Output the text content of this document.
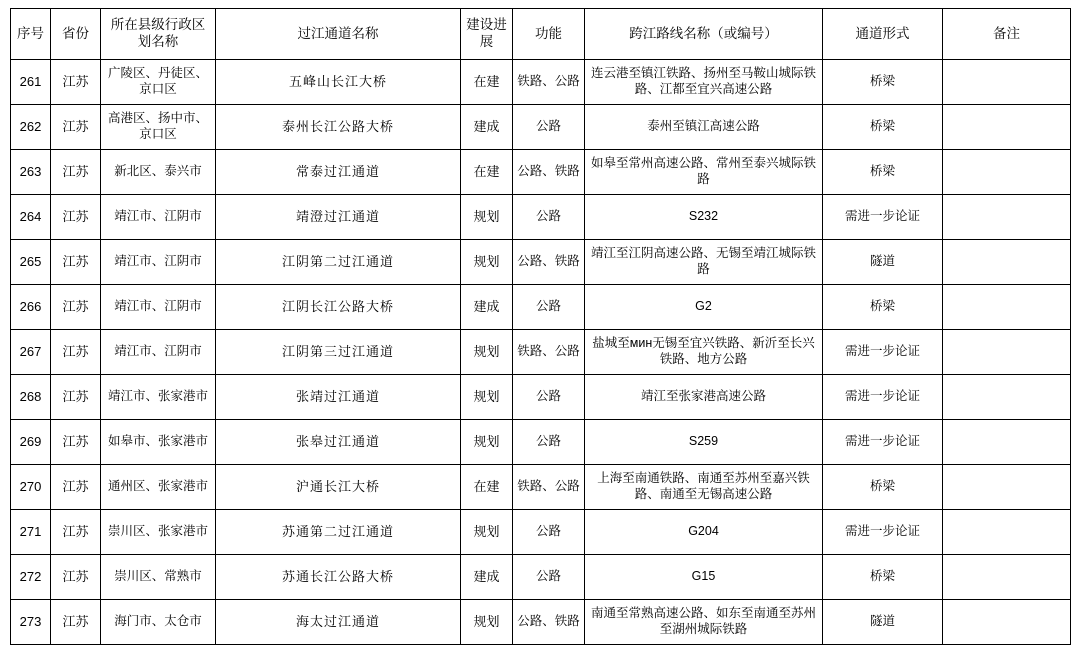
序号	省份	所在县级行政区划名称	过江通道名称	建设进展	功能	跨江路线名称（或编号）	通道形式	备注
261	江苏	广陵区、丹徒区、京口区	五峰山长江大桥	在建	铁路、公路	连云港至镇江铁路、扬州至马鞍山城际铁路、江都至宜兴高速公路	桥梁	
262	江苏	高港区、扬中市、京口区	泰州长江公路大桥	建成	公路	泰州至镇江高速公路	桥梁	
263	江苏	新北区、泰兴市	常泰过江通道	在建	公路、铁路	如皋至常州高速公路、常州至泰兴城际铁路	桥梁	
264	江苏	靖江市、江阴市	靖澄过江通道	规划	公路	S232	需进一步论证	
265	江苏	靖江市、江阴市	江阴第二过江通道	规划	公路、铁路	靖江至江阴高速公路、无锡至靖江城际铁路	隧道	
266	江苏	靖江市、江阴市	江阴长江公路大桥	建成	公路	G2	桥梁	
267	江苏	靖江市、江阴市	江阴第三过江通道	规划	铁路、公路	盐城至мин无锡至宜兴铁路、新沂至长兴铁路、地方公路	需进一步论证	
268	江苏	靖江市、张家港市	张靖过江通道	规划	公路	靖江至张家港高速公路	需进一步论证	
269	江苏	如皋市、张家港市	张皋过江通道	规划	公路	S259	需进一步论证	
270	江苏	通州区、张家港市	沪通长江大桥	在建	铁路、公路	上海至南通铁路、南通至苏州至嘉兴铁路、南通至无锡高速公路	桥梁	
271	江苏	崇川区、张家港市	苏通第二过江通道	规划	公路	G204	需进一步论证	
272	江苏	崇川区、常熟市	苏通长江公路大桥	建成	公路	G15	桥梁	
273	江苏	海门市、太仓市	海太过江通道	规划	公路、铁路	南通至常熟高速公路、如东至南通至苏州至湖州城际铁路	隧道	
